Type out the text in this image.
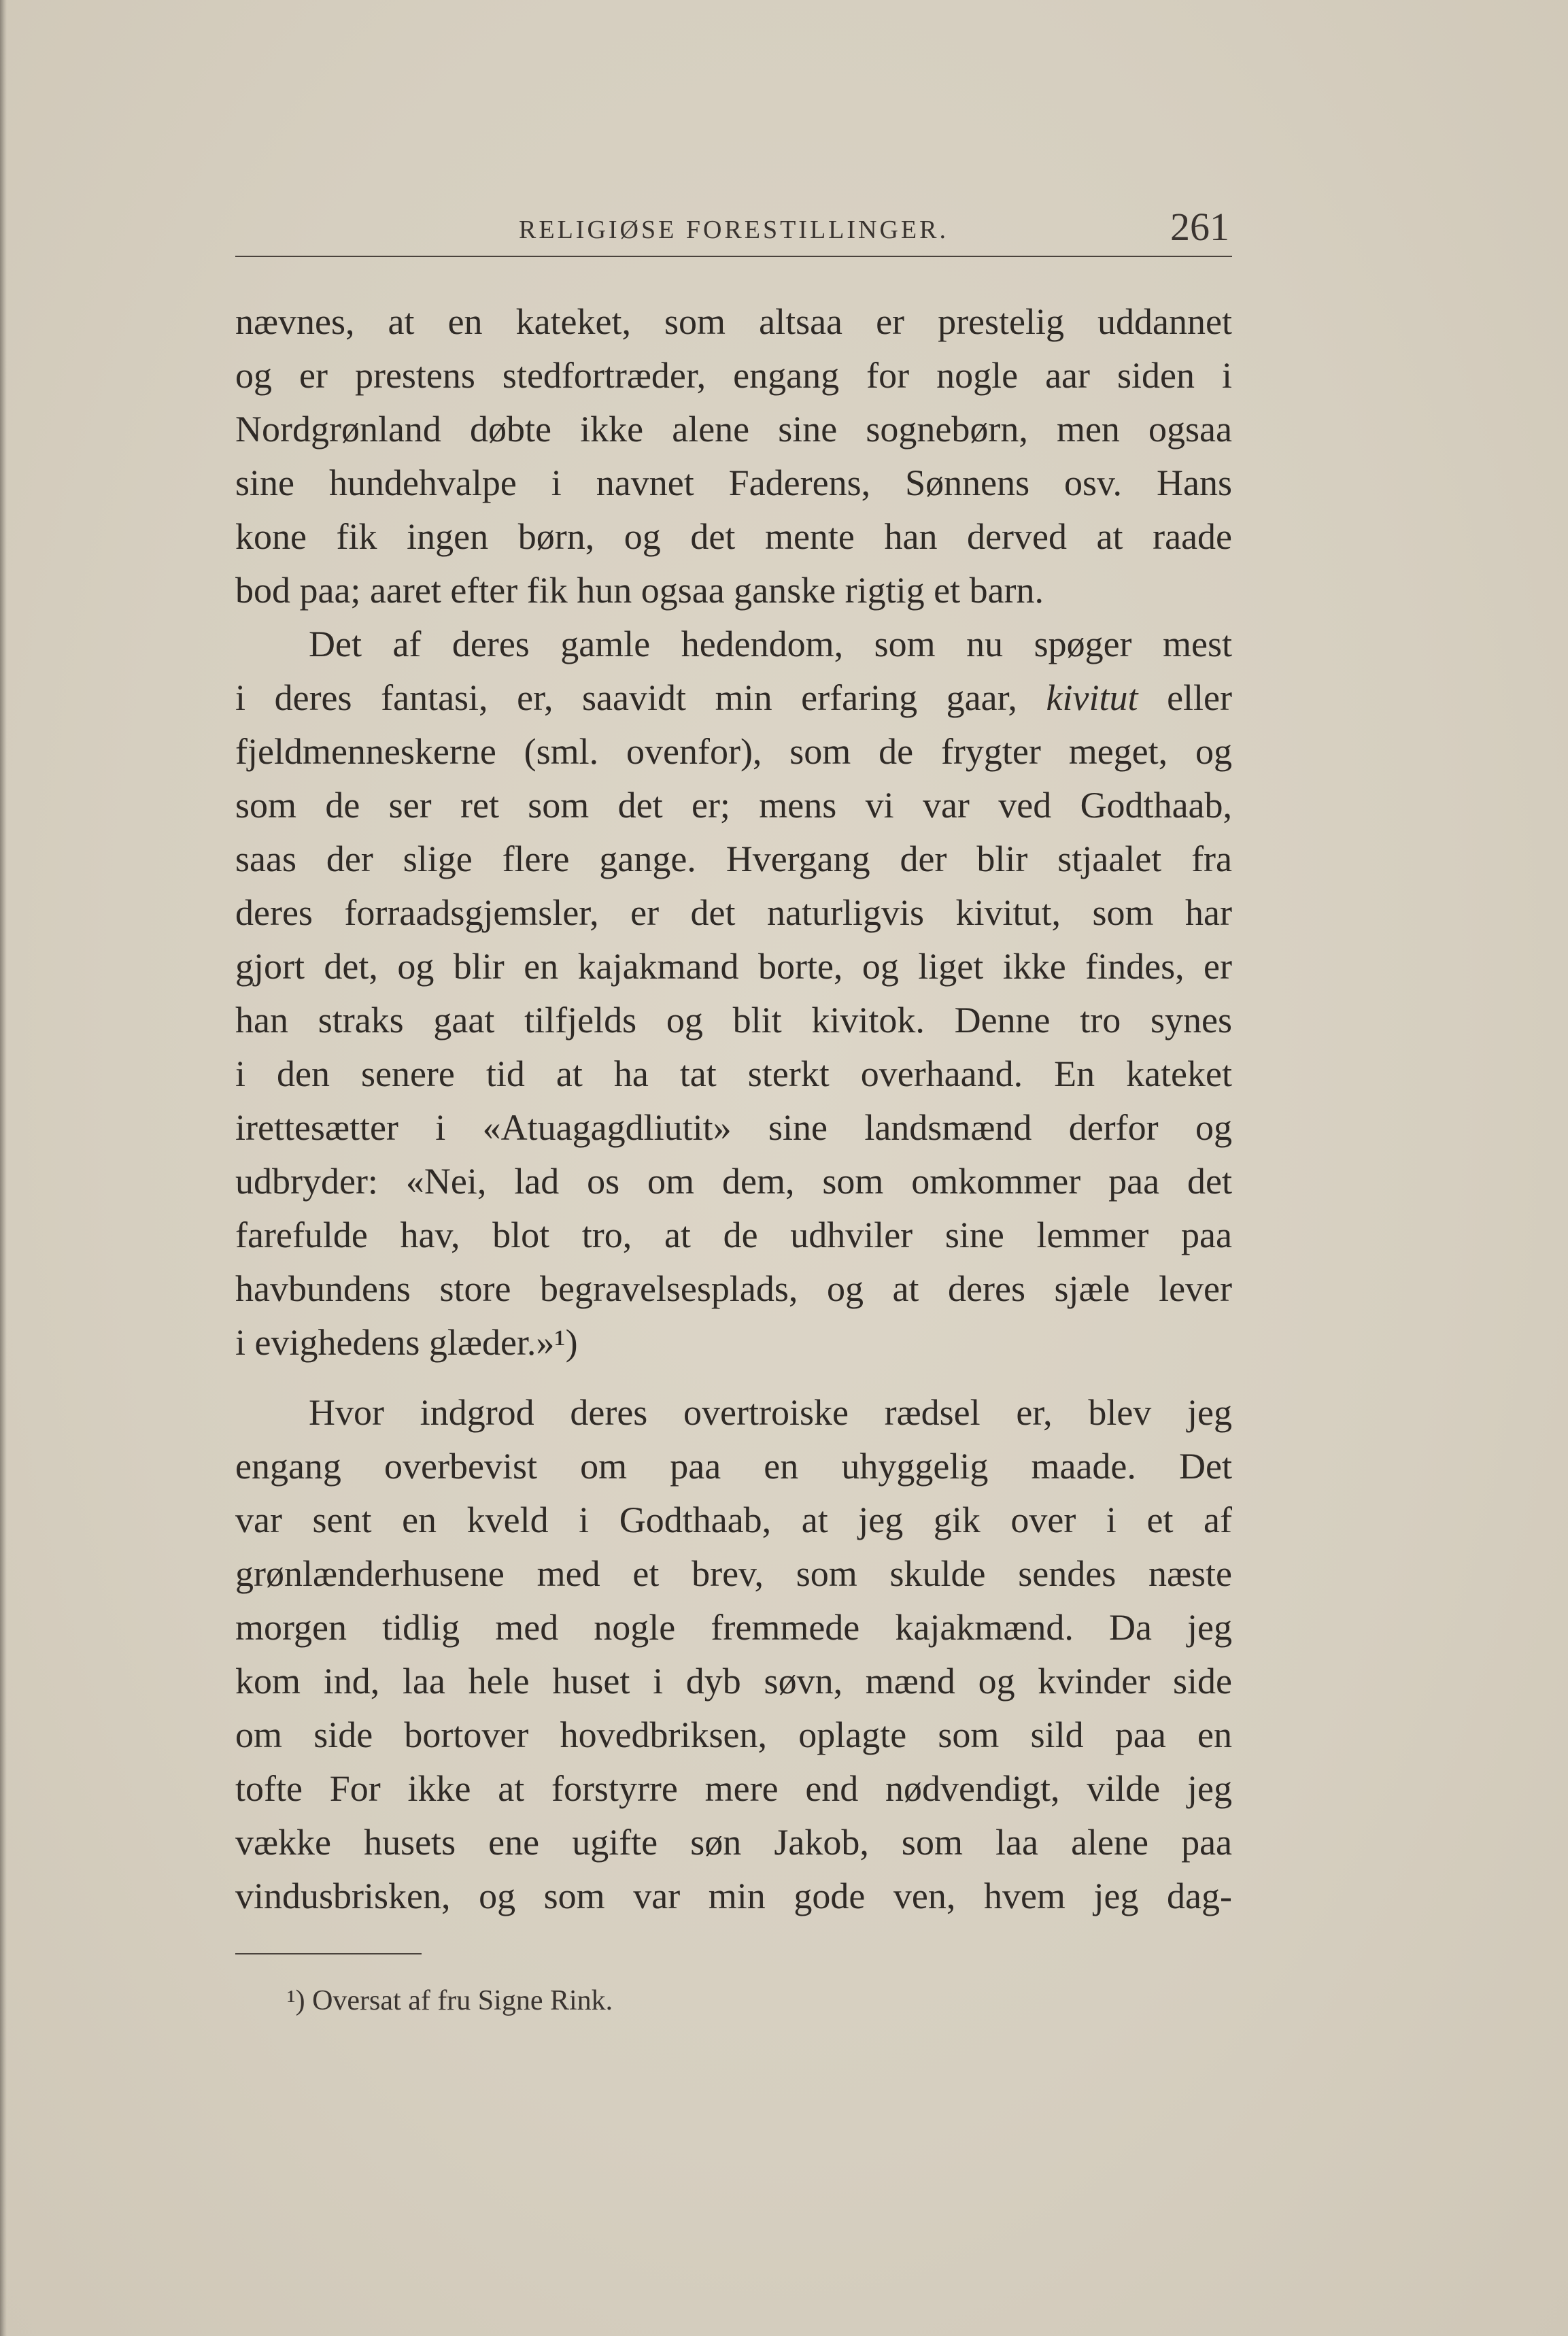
RELIGIØSE FORESTILLINGER.	261
nævnes, at en kateket, som altsaa er prestelig uddannet
og er prestens stedfortræder, engang for nogle aar siden i
Nordgrønland døbte ikke alene sine sognebørn, men ogsaa
sine hundehvalpe i navnet Faderens, Sønnens osv. Hans
kone fik ingen børn, og det mente han derved at raade
bod paa; aaret efter fik hun ogsaa ganske rigtig et barn.
Det af deres gamle hedendom, som nu spøger mest
i deres fantasi, er, saavidt min erfaring gaar, kivitut eller
fjeldmenneskerne (sml. ovenfor), som de frygter meget, og
som de ser ret som det er; mens vi var ved Godthaab,
saas der slige flere gange. Hvergang der blir stjaalet fra
deres forraadsgjemsler, er det naturligvis kivitut, som har
gjort det, og blir en kajakmand borte, og liget ikke findes, er
han straks gaat tilfjelds og blit kivitok. Denne tro synes
i den senere tid at ha tat sterkt overhaand. En kateket
irettesætter i «Atuagagdliutit» sine landsmænd derfor og
udbryder: «Nei, lad os om dem, som omkommer paa det
farefulde hav, blot tro, at de udhviler sine lemmer paa
havbundens store begravelsesplads, og at deres sjæle lever
i evighedens glæder.»¹)
Hvor indgrod deres overtroiske rædsel er, blev jeg
engang overbevist om paa en uhyggelig maade. Det
var sent en kveld i Godthaab, at jeg gik over i et af
grønlænderhusene med et brev, som skulde sendes næste
morgen tidlig med nogle fremmede kajakmænd. Da jeg
kom ind, laa hele huset i dyb søvn, mænd og kvinder side
om side bortover hovedbriksen, oplagte som sild paa en
tofte For ikke at forstyrre mere end nødvendigt, vilde jeg
vække husets ene ugifte søn Jakob, som laa alene paa
vindusbrisken, og som var min gode ven, hvem jeg dag-
¹) Oversat af fru Signe Rink.
